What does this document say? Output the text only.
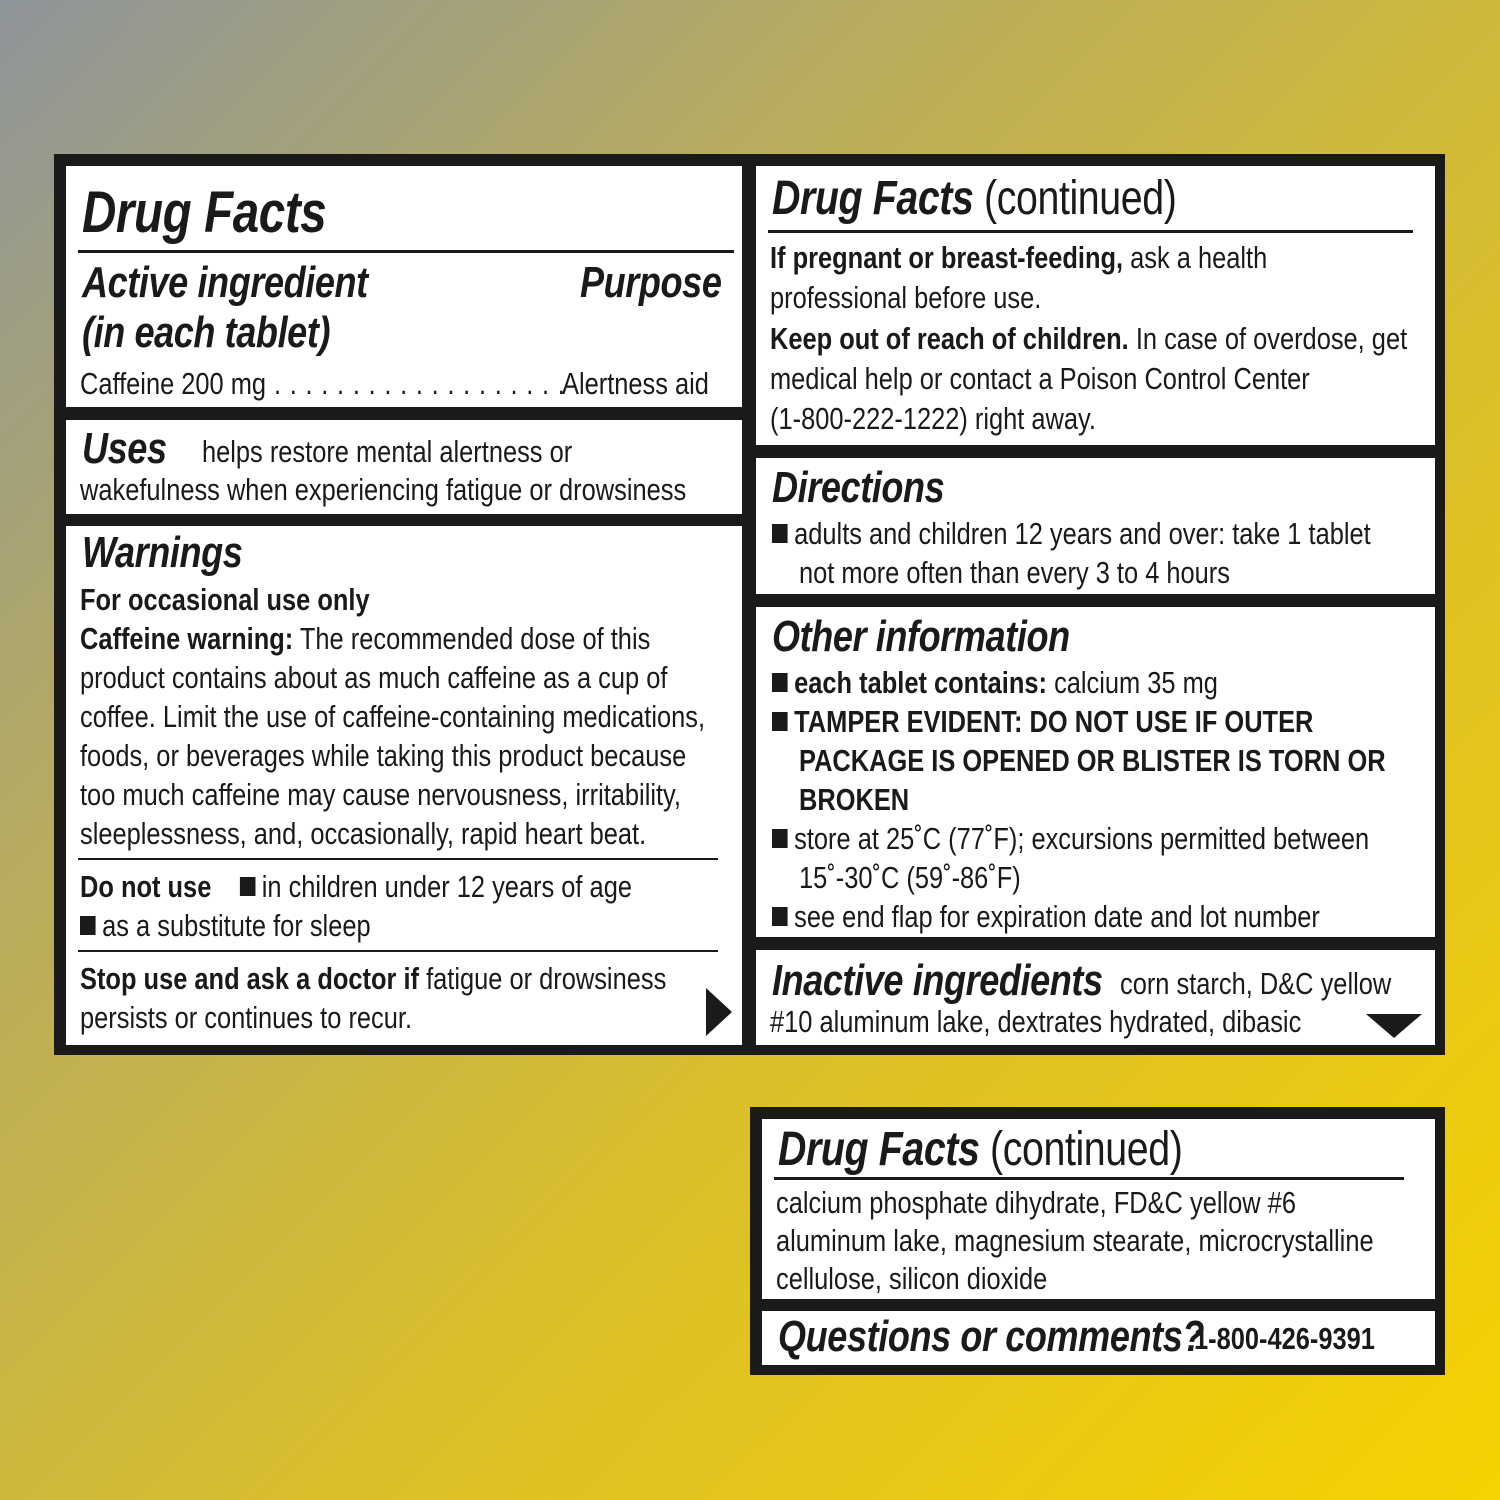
Drug Facts
Active ingredient
(in each tablet)
Purpose
Caffeine 200 mg . . . . . . . . . . . . . . . . . . .
Alertness aid
Uses helps restore mental alertness or
wakefulness when experiencing fatigue or drowsiness
Warnings
For occasional use only
Caffeine warning: The recommended dose of this
product contains about as much caffeine as a cup of
coffee. Limit the use of caffeine-containing medications,
foods, or beverages while taking this product because
too much caffeine may cause nervousness, irritability,
sleeplessness, and, occasionally, rapid heart beat.
Do not use in children under 12 years of age
as a substitute for sleep
Stop use and ask a doctor if fatigue or drowsiness
persists or continues to recur.
Drug Facts (continued)
If pregnant or breast-feeding, ask a health
professional before use.
Keep out of reach of children. In case of overdose, get
medical help or contact a Poison Control Center
(1-800-222-1222) right away.
Directions
adults and children 12 years and over: take 1 tablet
not more often than every 3 to 4 hours
Other information
each tablet contains: calcium 35 mg
TAMPER EVIDENT: DO NOT USE IF OUTER
PACKAGE IS OPENED OR BLISTER IS TORN OR
BROKEN
store at 25˚C (77˚F); excursions permitted between
15˚-30˚C (59˚-86˚F)
see end flap for expiration date and lot number
Inactive ingredients corn starch, D&C yellow
#10 aluminum lake, dextrates hydrated, dibasic
Drug Facts (continued)
calcium phosphate dihydrate, FD&C yellow #6
aluminum lake, magnesium stearate, microcrystalline
cellulose, silicon dioxide
Questions or comments?
1-800-426-9391
